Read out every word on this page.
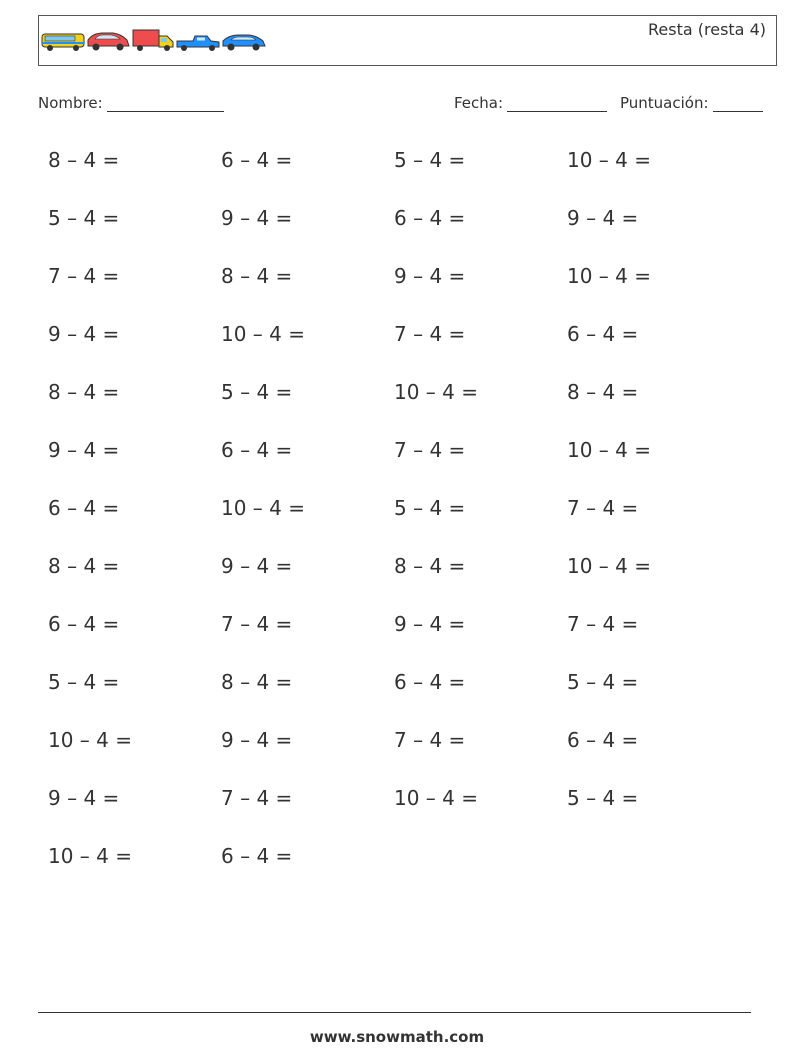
Resta (resta 4)
Nombre:	Fecha:	Puntuación:
8 – 4 =	6 – 4 =	5 – 4 =	10 – 4 =
5 – 4 =	9 – 4 =	6 – 4 =	9 – 4 =
7 – 4 =	8 – 4 =	9 – 4 =	10 – 4 =
9 – 4 =	10 – 4 =	7 – 4 =	6 – 4 =
8 – 4 =	5 – 4 =	10 – 4 =	8 – 4 =
9 – 4 =	6 – 4 =	7 – 4 =	10 – 4 =
6 – 4 =	10 – 4 =	5 – 4 =	7 – 4 =
8 – 4 =	9 – 4 =	8 – 4 =	10 – 4 =
6 – 4 =	7 – 4 =	9 – 4 =	7 – 4 =
5 – 4 =	8 – 4 =	6 – 4 =	5 – 4 =
10 – 4 =	9 – 4 =	7 – 4 =	6 – 4 =
9 – 4 =	7 – 4 =	10 – 4 =	5 – 4 =
10 – 4 =	6 – 4 =
www.snowmath.com
